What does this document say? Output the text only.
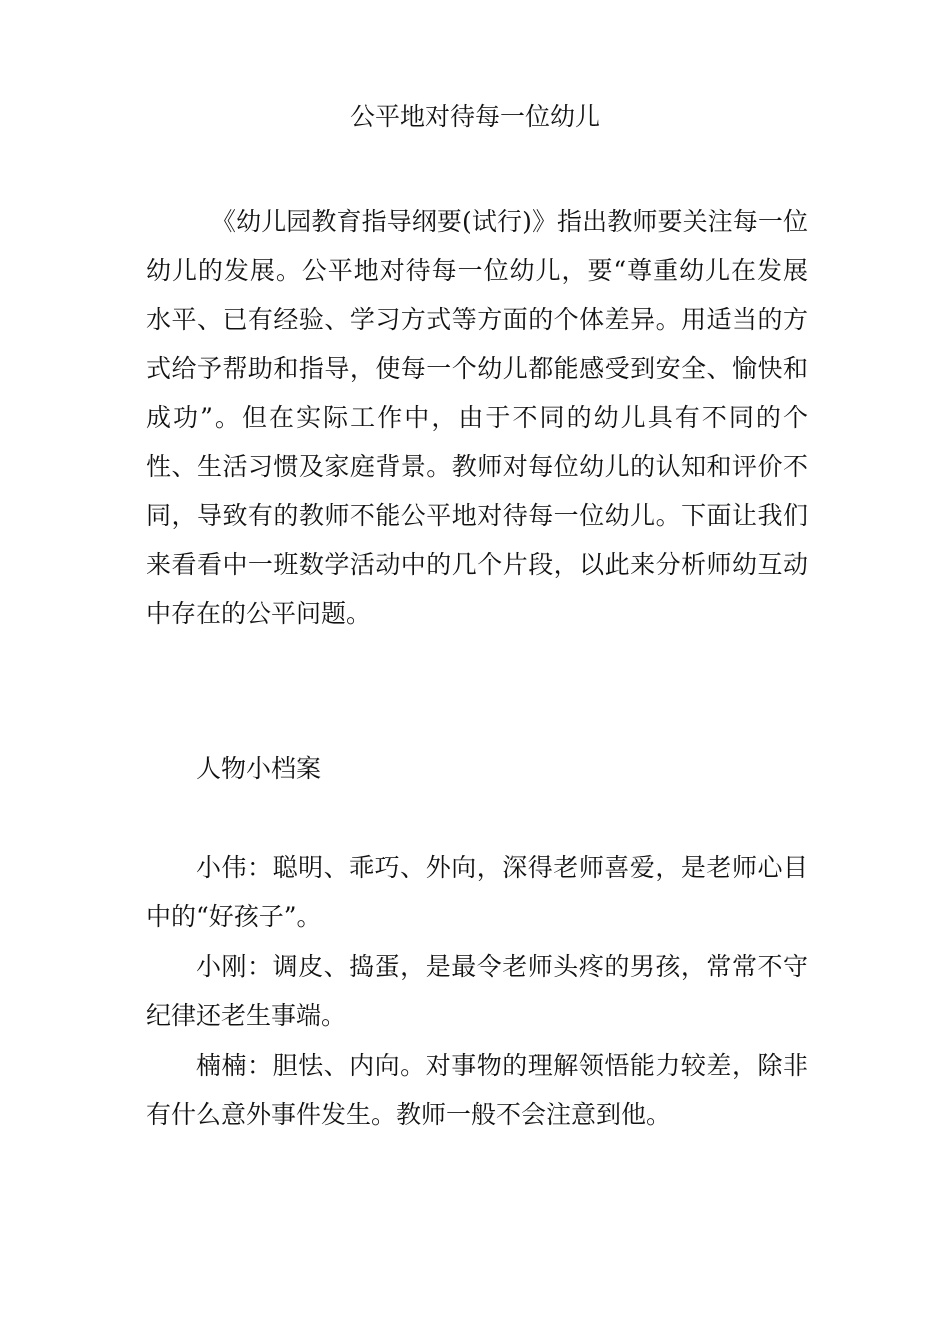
公平地对待每一位幼儿

《幼儿园教育指导纲要(试行)》指出教师要关注每一位幼儿的发展。公平地对待每一位幼儿，要“尊重幼儿在发展水平、已有经验、学习方式等方面的个体差异。用适当的方式给予帮助和指导，使每一个幼儿都能感受到安全、愉快和成功”。但在实际工作中，由于不同的幼儿具有不同的个性、生活习惯及家庭背景。教师对每位幼儿的认知和评价不同，导致有的教师不能公平地对待每一位幼儿。下面让我们来看看中一班数学活动中的几个片段，以此来分析师幼互动中存在的公平问题。

人物小档案

小伟：聪明、乖巧、外向，深得老师喜爱，是老师心目中的“好孩子”。

小刚：调皮、捣蛋，是最令老师头疼的男孩，常常不守纪律还老生事端。

楠楠：胆怯、内向。对事物的理解领悟能力较差，除非有什么意外事件发生。教师一般不会注意到他。
